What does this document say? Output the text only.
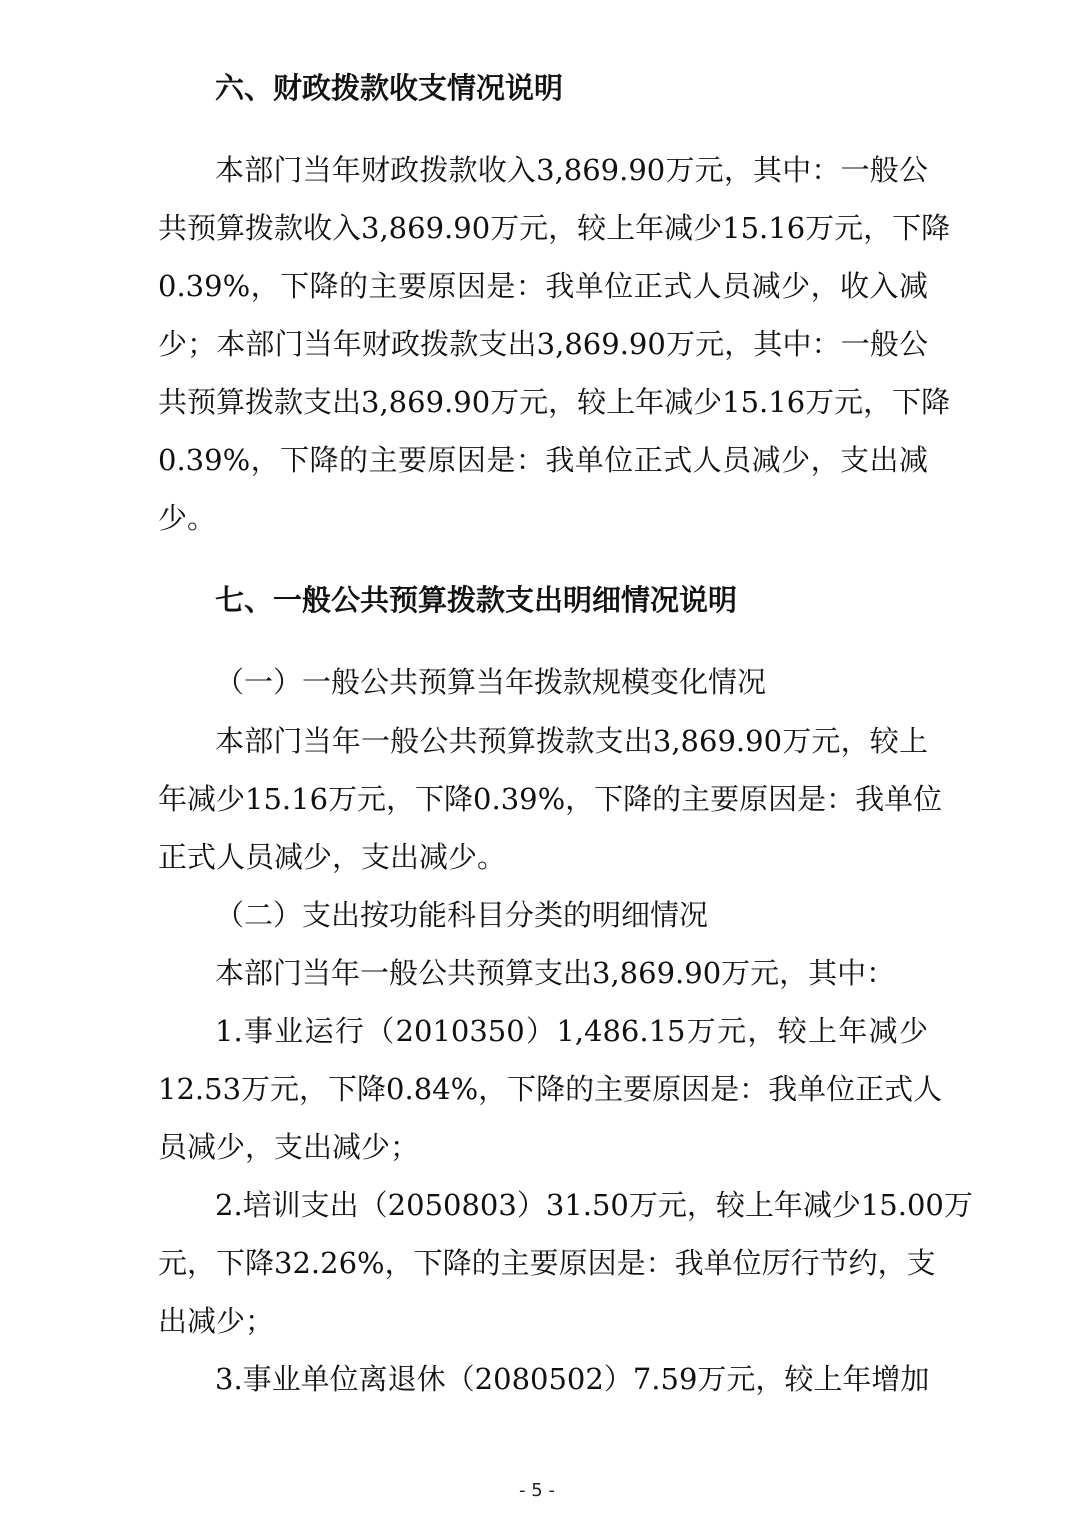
六、财政拨款收支情况说明

本部门当年财政拨款收入3,869.90万元，其中：一般公

共预算拨款收入3,869.90万元，较上年减少15.16万元，下降

0.39%，下降的主要原因是：我单位正式人员减少，收入减

少；本部门当年财政拨款支出3,869.90万元，其中：一般公

共预算拨款支出3,869.90万元，较上年减少15.16万元，下降

0.39%，下降的主要原因是：我单位正式人员减少，支出减

少。

七、一般公共预算拨款支出明细情况说明

（一）一般公共预算当年拨款规模变化情况

本部门当年一般公共预算拨款支出3,869.90万元，较上

年减少15.16万元，下降0.39%，下降的主要原因是：我单位

正式人员减少，支出减少。

（二）支出按功能科目分类的明细情况

本部门当年一般公共预算支出3,869.90万元，其中：

1.事业运行（2010350）1,486.15万元，较上年减少

12.53万元，下降0.84%，下降的主要原因是：我单位正式人

员减少，支出减少；

2.培训支出（2050803）31.50万元，较上年减少15.00万

元，下降32.26%，下降的主要原因是：我单位厉行节约，支

出减少；

3.事业单位离退休（2080502）7.59万元，较上年增加

- 5 -
